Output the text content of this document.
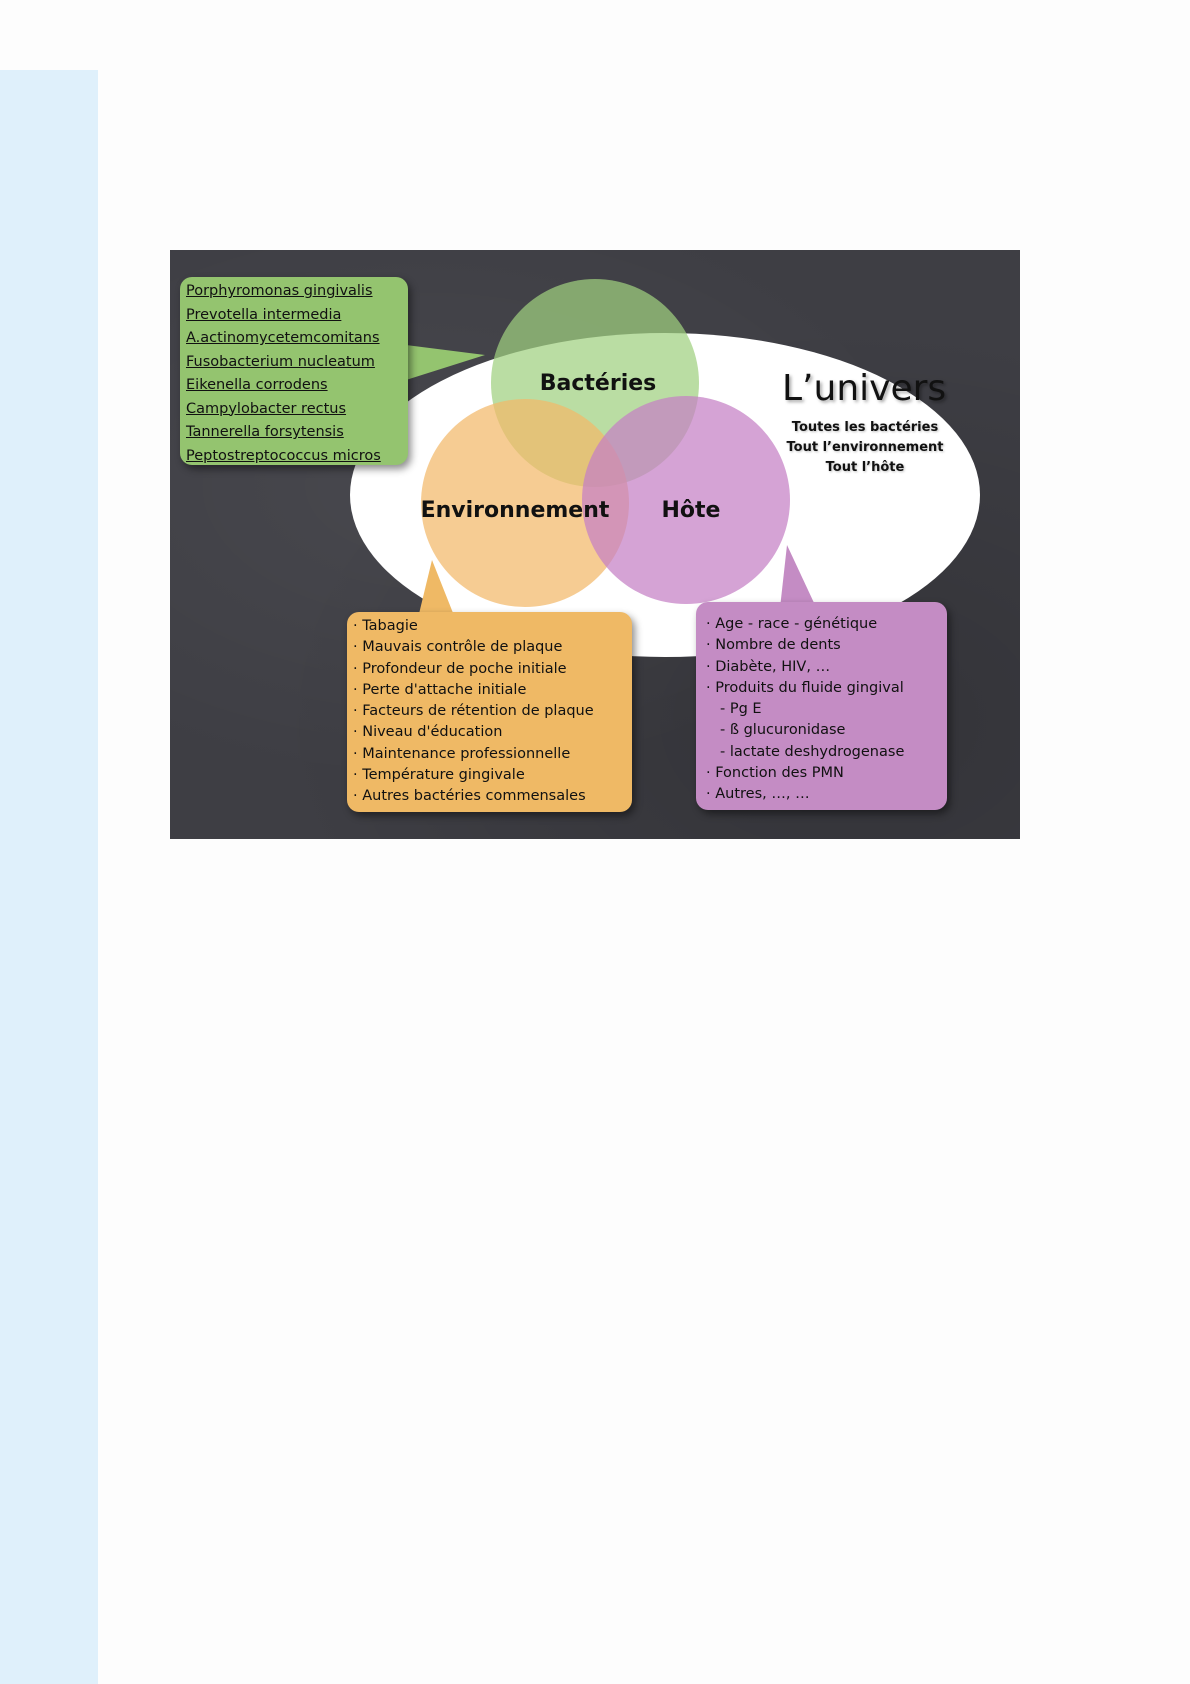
Bactéries
Environnement Hôte
L’univers
Toutes les bactéries
Tout l’environnement
Tout l’hôte
Porphyromonas gingivalis
Prevotella intermedia
A.actinomycetemcomitans
Fusobacterium nucleatum
Eikenella corrodens
Campylobacter rectus
Tannerella forsytensis
Peptostreptococcus micros
· Tabagie
· Mauvais contrôle de plaque
· Profondeur de poche initiale
· Perte d'attache initiale
· Facteurs de rétention de plaque
· Niveau d'éducation
· Maintenance professionnelle
· Température gingivale
· Autres bactéries commensales
· Age - race - génétique
· Nombre de dents
· Diabète, HIV, …
· Produits du fluide gingival
- Pg E
- ß glucuronidase
- lactate deshydrogenase
· Fonction des PMN
· Autres, …, …
